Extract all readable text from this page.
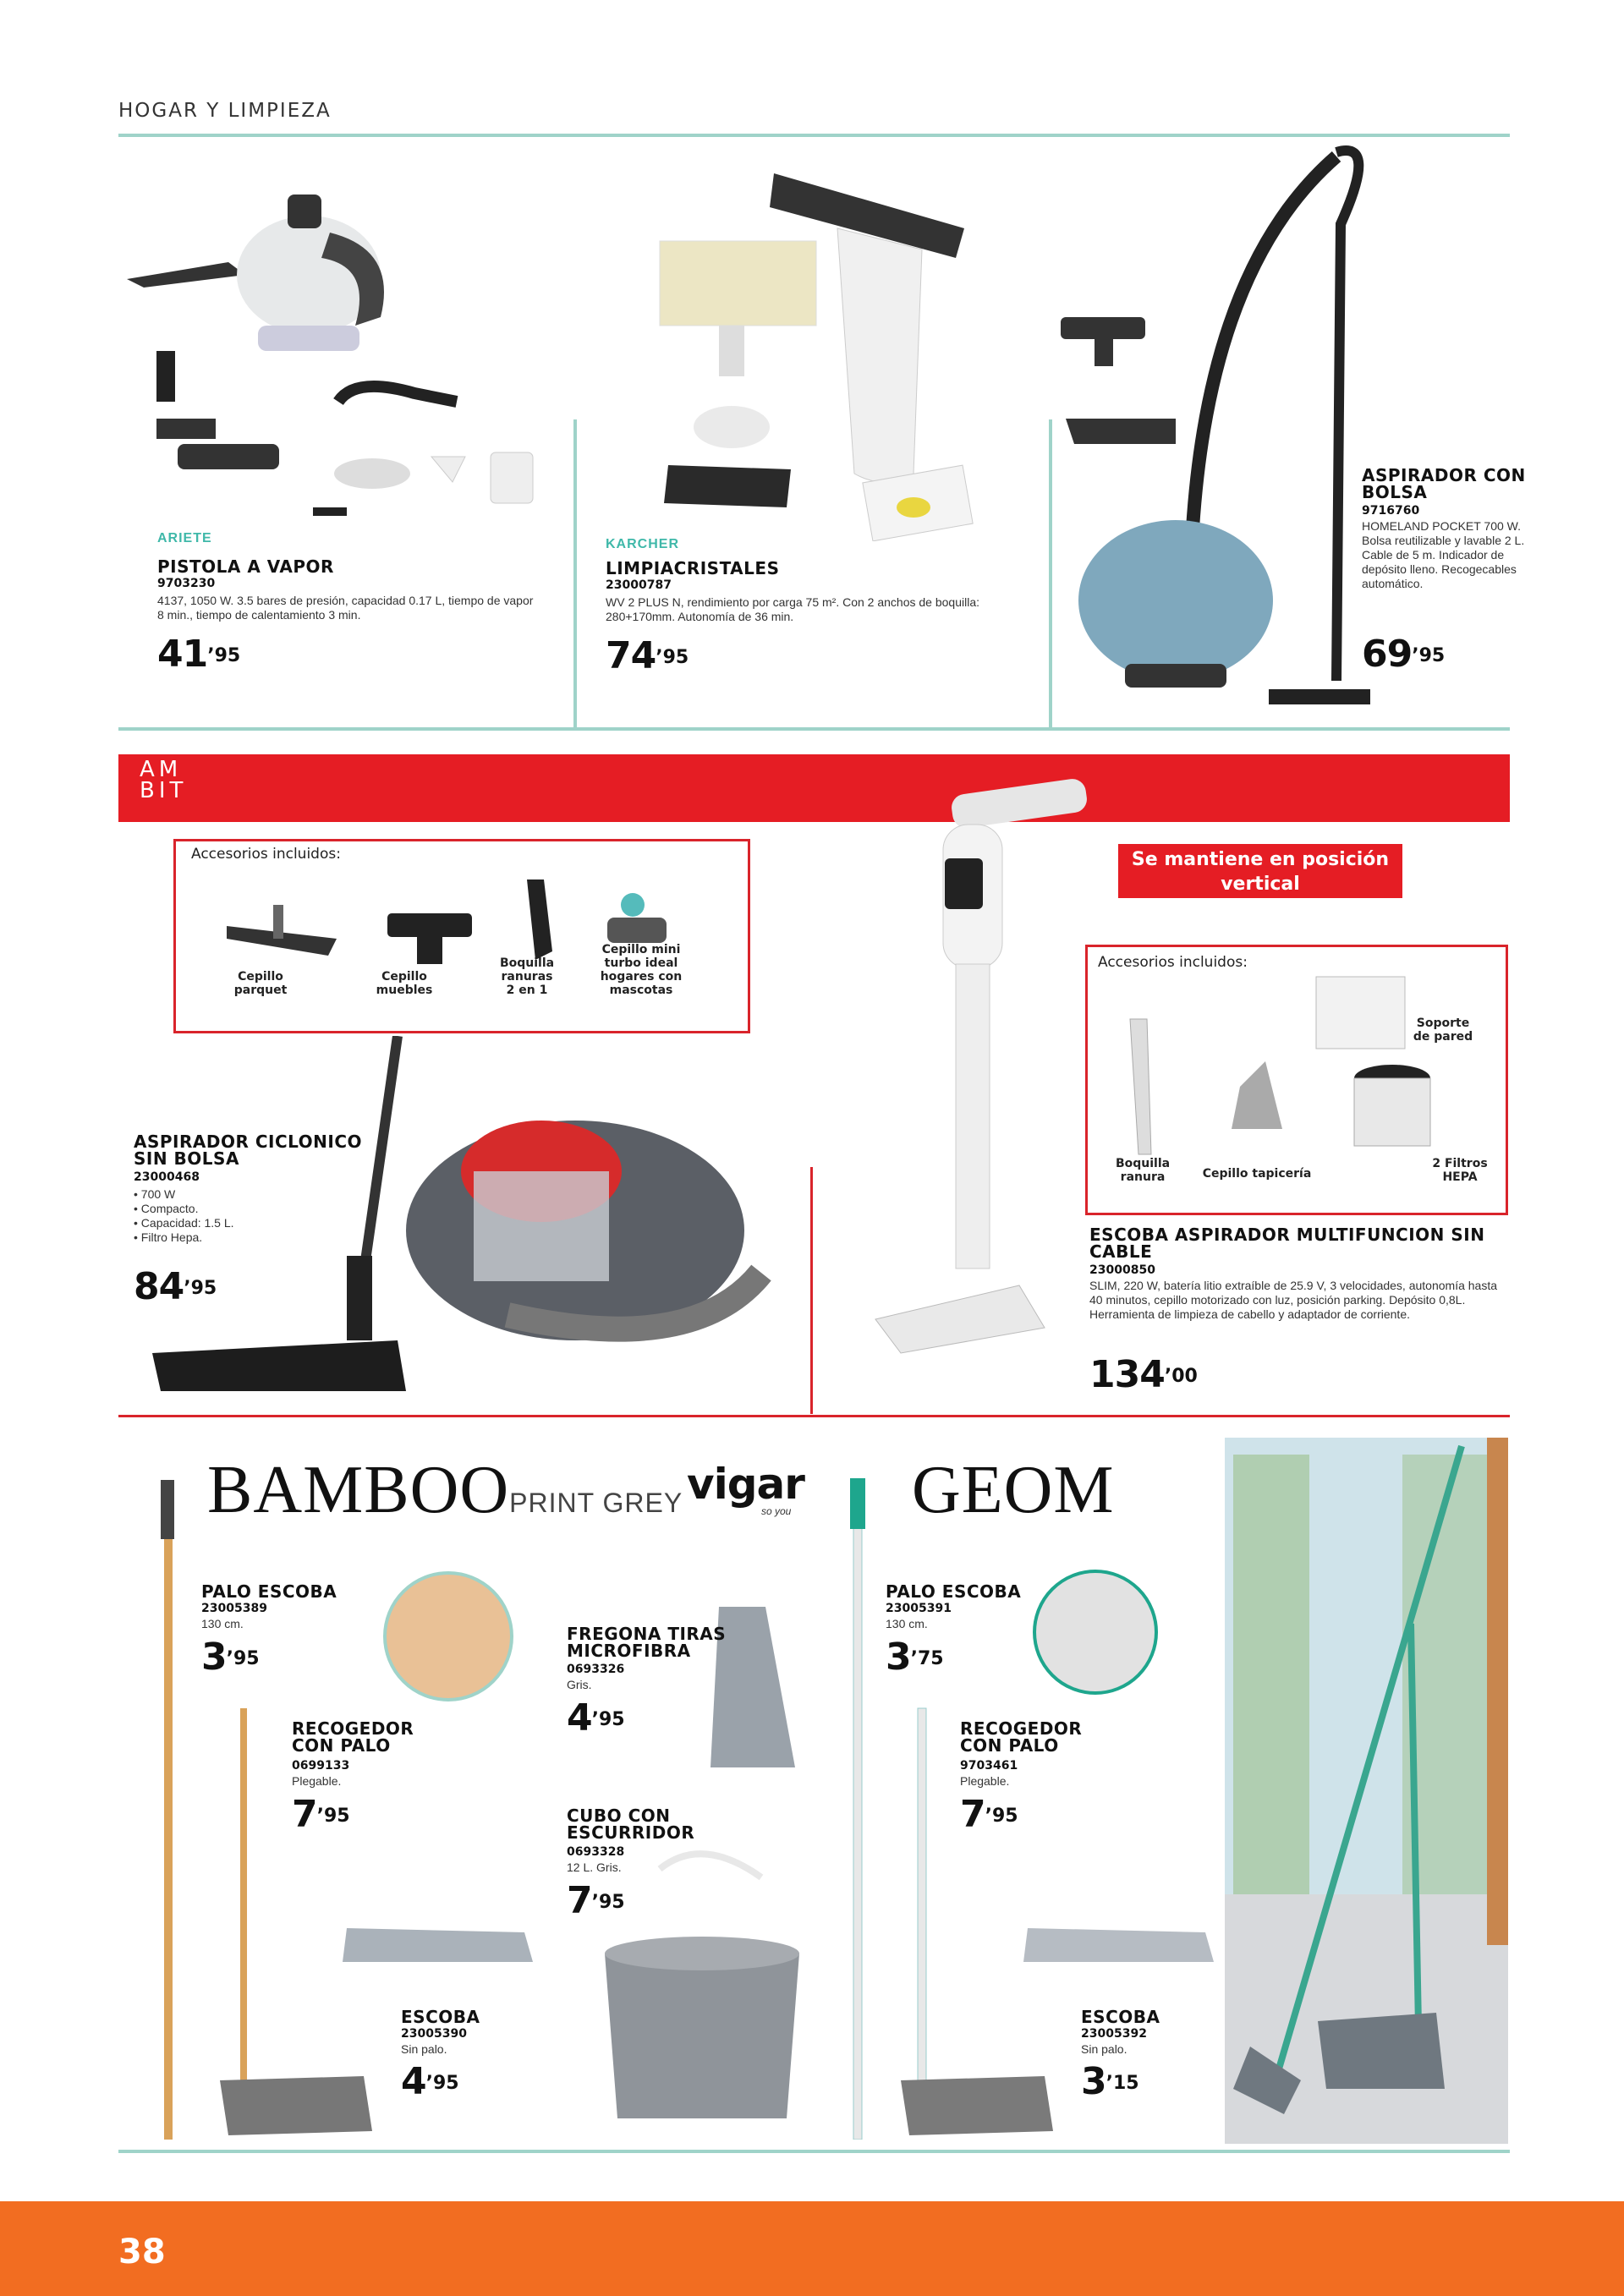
HOGAR Y LIMPIEZA
ARIETE
PISTOLA A VAPOR
9703230
4137, 1050 W. 3.5 bares de presión, capacidad 0.17 L, tiempo de vapor 8 min., tiempo de calentamiento 3 min.
$41^{’95}$
KARCHER
LIMPIACRISTALES
23000787
WV 2 PLUS N, rendimiento por carga 75 m². Con 2 anchos de boquilla: 280+170mm. Autonomía de 36 min.
$74^{’95}$
ASPIRADOR CON
BOLSA
9716760
HOMELAND POCKET 700 W. Bolsa reutilizable y lavable 2 L. Cable de 5 m. Indicador de depósito lleno. Recogecables automático.
$69^{’95}$
AM
BIT
Accesorios incluidos:
Cepillo
parquet
Cepillo
muebles
Boquilla
ranuras
2 en 1
Cepillo mini
turbo ideal
hogares con
mascotas
ASPIRADOR CICLONICO
SIN BOLSA
23000468
• 700 W
• Compacto.
• Capacidad: 1.5 L.
• Filtro Hepa.
$84^{’95}$
Se mantiene en posición
vertical
Accesorios incluidos:
Soporte
de pared
Boquilla
ranura	Cepillo tapicería
2 Filtros
HEPA
ESCOBA ASPIRADOR MULTIFUNCION SIN
CABLE
23000850
SLIM, 220 W, batería litio extraíble de 25.9 V, 3 velocidades, autonomía hasta 40 minutos, cepillo motorizado con luz, posición parking. Depósito 0,8L. Herramienta de limpieza de cabello y adaptador de corriente.
$134^{’00}$
BAMBOOPRINT GREY vigar
so you GEOM
PALO ESCOBA
23005389
130 cm.
$3^{’95}$
RECOGEDOR
CON PALO
0699133
Plegable.
$7^{’95}$
ESCOBA
23005390
Sin palo.
$4^{’95}$
FREGONA TIRAS
MICROFIBRA
0693326
Gris.
$4^{’95}$
CUBO CON
ESCURRIDOR
0693328
12 L. Gris.
$7^{’95}$
PALO ESCOBA
23005391
130 cm.
$3^{’75}$
RECOGEDOR
CON PALO
9703461
Plegable.
$7^{’95}$
ESCOBA
23005392
Sin palo.
$3^{’15}$
38
